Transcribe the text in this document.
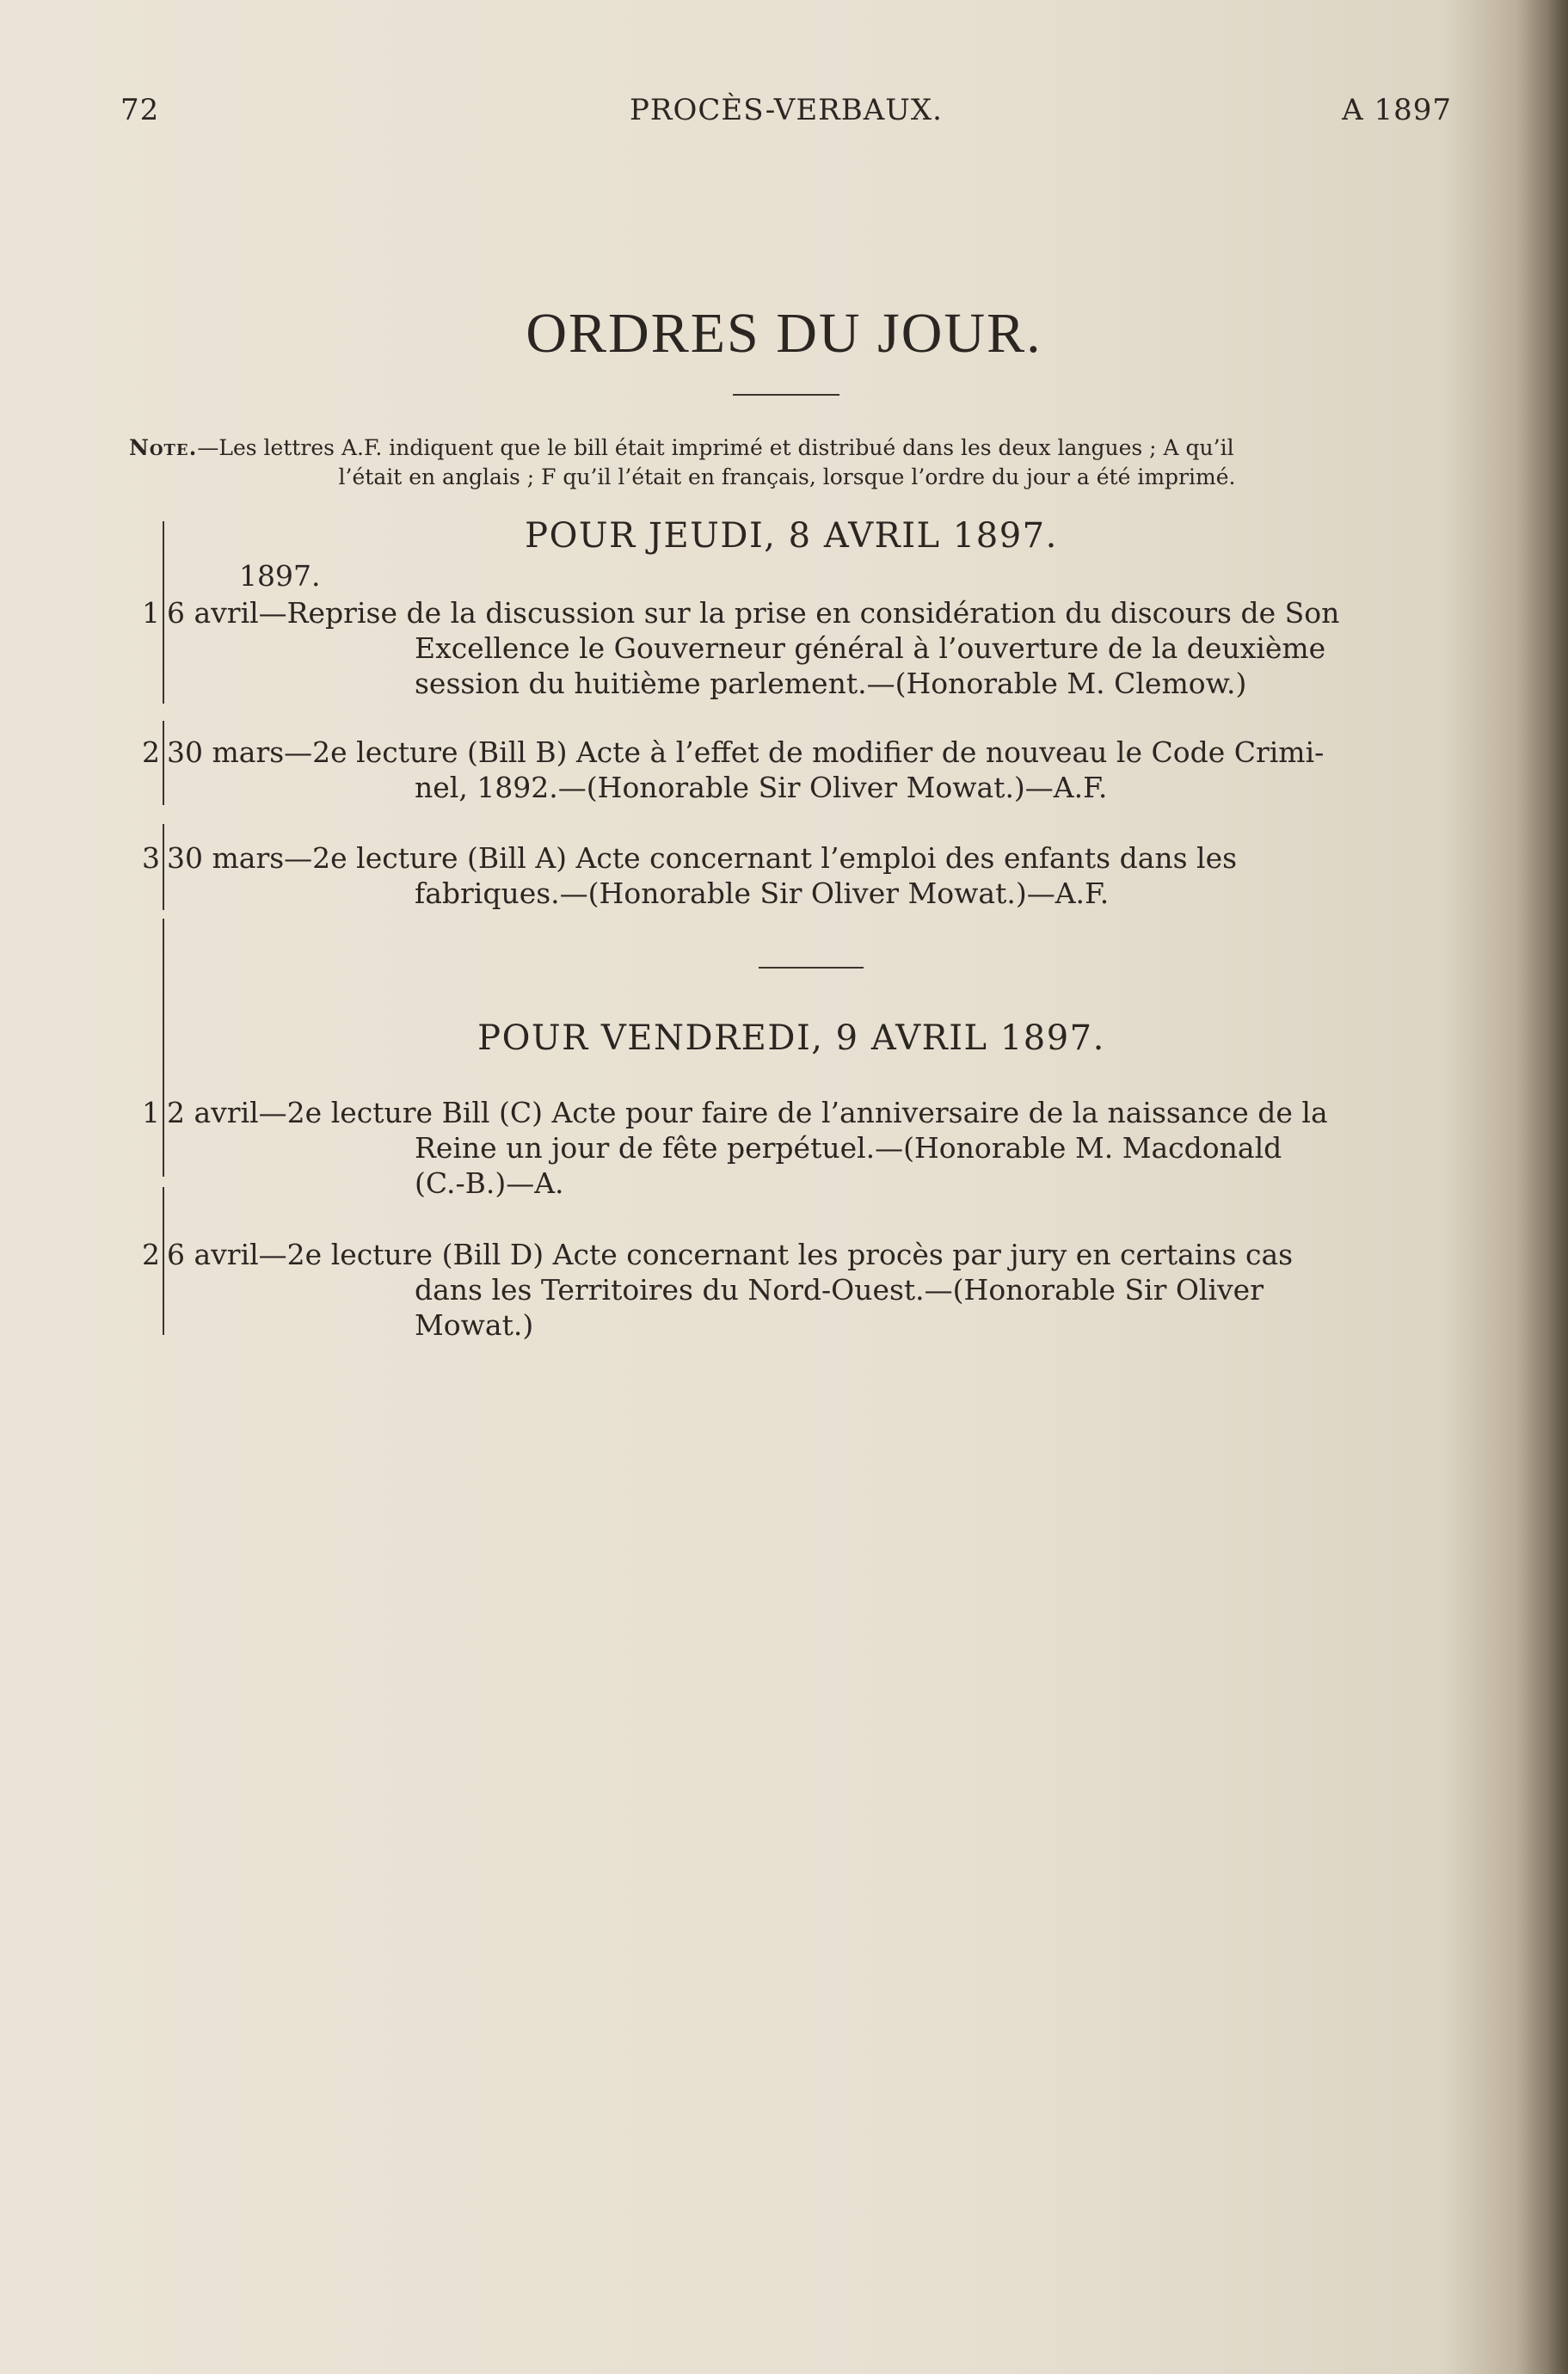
72	PROCÈS-VERBAUX.	A 1897
ORDRES DU JOUR.
Note.—Les lettres A.F. indiquent que le bill était imprimé et distribué dans les deux langues ; A qu’il
l’était en anglais ; F qu’il l’était en français, lorsque l’ordre du jour a été imprimé.
POUR JEUDI, 8 AVRIL 1897.
1897.
1 6 avril—Reprise de la discussion sur la prise en considération du discours de Son
Excellence le Gouverneur général à l’ouverture de la deuxième
session du huitième parlement.—(Honorable M. Clemow.)
2 30 mars—2e lecture (Bill B) Acte à l’effet de modifier de nouveau le Code Crimi-
nel, 1892.—(Honorable Sir Oliver Mowat.)—A.F.
3 30 mars—2e lecture (Bill A) Acte concernant l’emploi des enfants dans les
fabriques.—(Honorable Sir Oliver Mowat.)—A.F.
POUR VENDREDI, 9 AVRIL 1897.
1 2 avril—2e lecture Bill (C) Acte pour faire de l’anniversaire de la naissance de la
Reine un jour de fête perpétuel.—(Honorable M. Macdonald
(C.-B.)—A.
2 6 avril—2e lecture (Bill D) Acte concernant les procès par jury en certains cas
dans les Territoires du Nord-Ouest.—(Honorable Sir Oliver
Mowat.)
